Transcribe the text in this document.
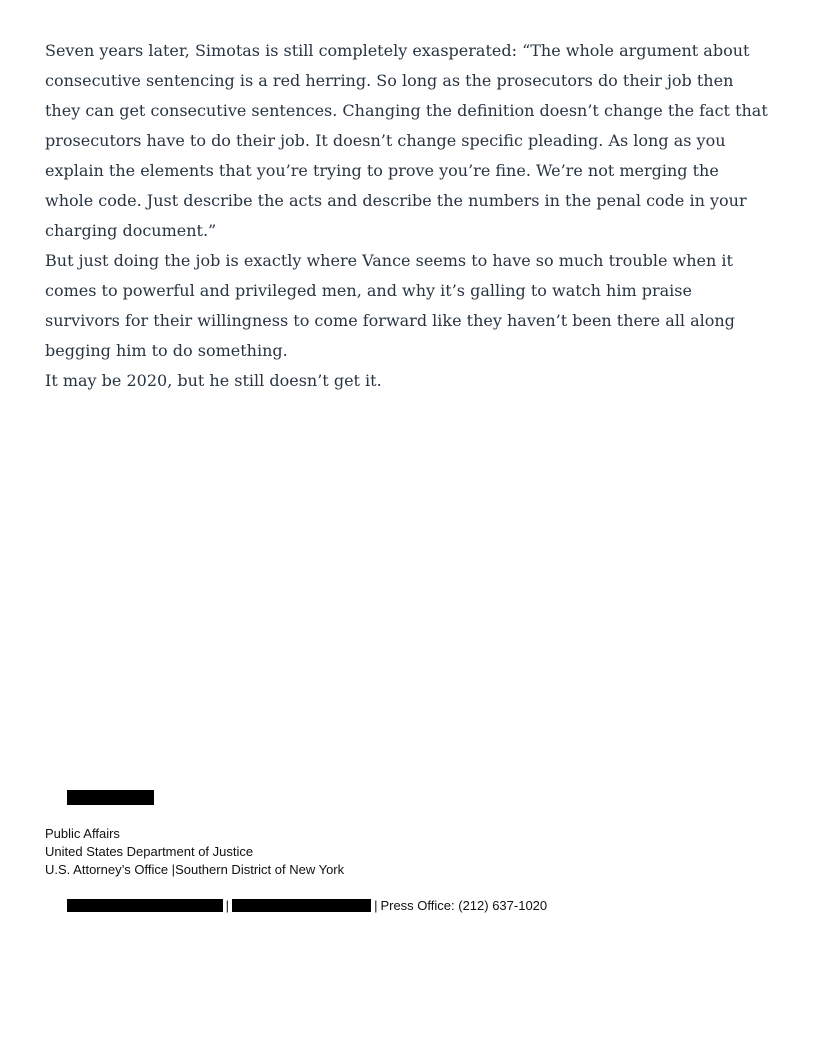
Seven years later, Simotas is still completely exasperated: “The whole argument about consecutive sentencing is a red herring. So long as the prosecutors do their job then they can get consecutive sentences. Changing the definition doesn’t change the fact that prosecutors have to do their job. It doesn’t change specific pleading. As long as you explain the elements that you’re trying to prove you’re fine. We’re not merging the whole code. Just describe the acts and describe the numbers in the penal code in your charging document.”

But just doing the job is exactly where Vance seems to have so much trouble when it comes to powerful and privileged men, and why it’s galling to watch him praise survivors for their willingness to come forward like they haven’t been there all along begging him to do something.

It may be 2020, but he still doesn’t get it.

Public Affairs
United States Department of Justice
U.S. Attorney’s Office |Southern District of New York

|	| Press Office: (212) 637-1020
